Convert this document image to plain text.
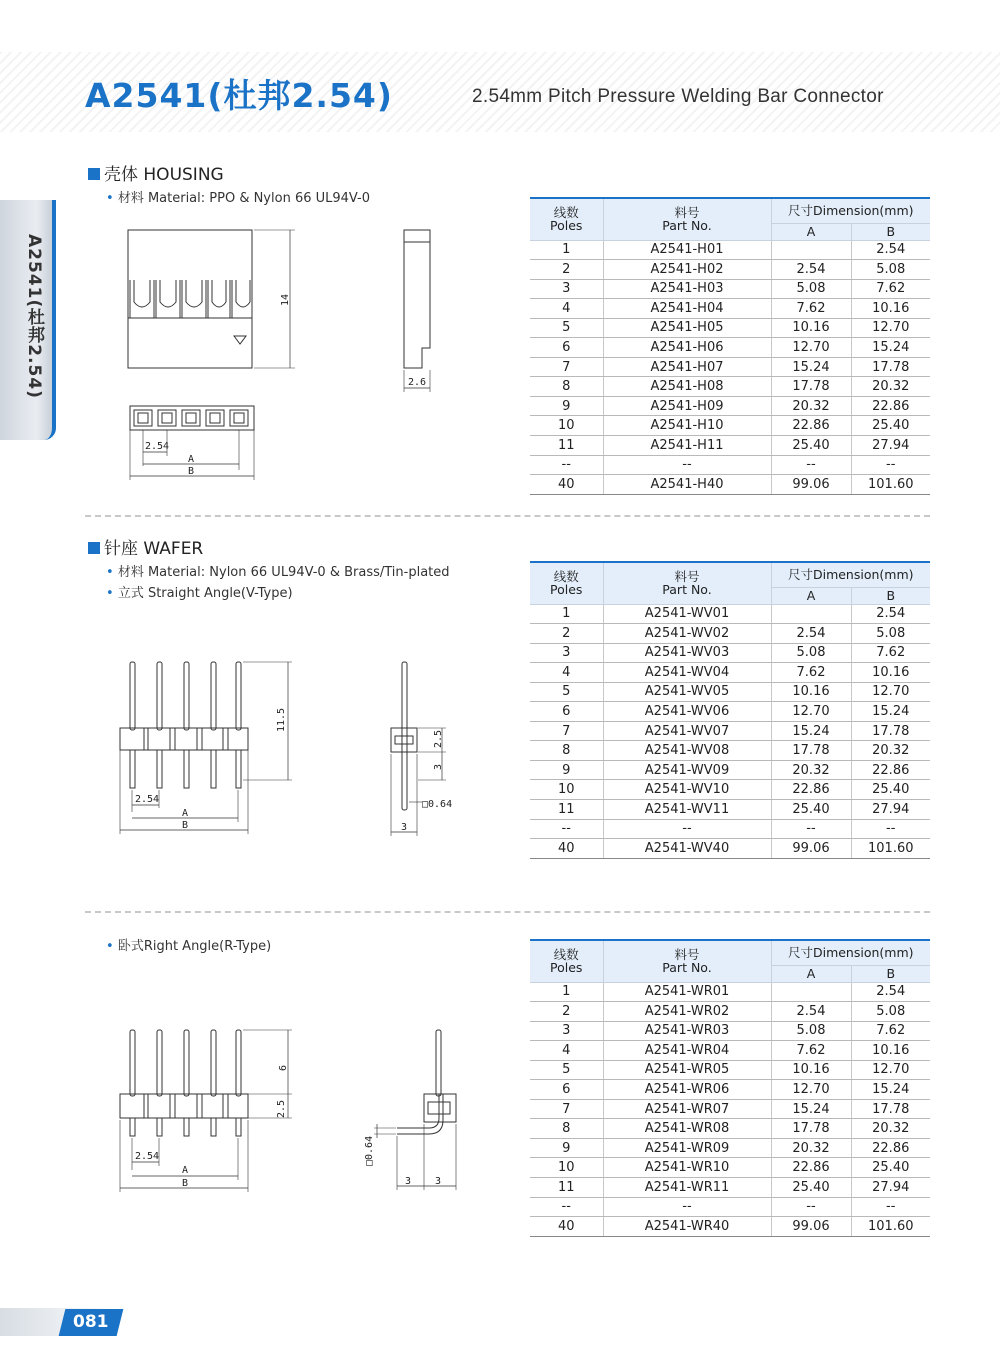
A2541(杜邦2.54)	2.54mm Pitch Pressure Welding Bar Connector
A2541(杜邦2.54)
壳体 HOUSING
• 材料 Material: PPO & Nylon 66 UL94V-0
14
2.6
2.54
A
B
线数
Poles	料号
Part No.	尺寸Dimension(mm)	
		A	B
1	A2541-H01		2.54
2	A2541-H02	2.54	5.08
3	A2541-H03	5.08	7.62
4	A2541-H04	7.62	10.16
5	A2541-H05	10.16	12.70
6	A2541-H06	12.70	15.24
7	A2541-H07	15.24	17.78
8	A2541-H08	17.78	20.32
9	A2541-H09	20.32	22.86
10	A2541-H10	22.86	25.40
11	A2541-H11	25.40	27.94
--	--	--	--
40	A2541-H40	99.06	101.60
针座 WAFER
• 材料 Material: Nylon 66 UL94V-0 & Brass/Tin-plated
• 立式 Straight Angle(V-Type)
11.5
2.5
3
□0.64
3
2.54
A
B
线数
Poles	料号
Part No.	尺寸Dimension(mm)	
		A	B
1	A2541-WV01		2.54
2	A2541-WV02	2.54	5.08
3	A2541-WV03	5.08	7.62
4	A2541-WV04	7.62	10.16
5	A2541-WV05	10.16	12.70
6	A2541-WV06	12.70	15.24
7	A2541-WV07	15.24	17.78
8	A2541-WV08	17.78	20.32
9	A2541-WV09	20.32	22.86
10	A2541-WV10	22.86	25.40
11	A2541-WV11	25.40	27.94
--	--	--	--
40	A2541-WV40	99.06	101.60
• 卧式Right Angle(R-Type)
6
2.5
□0.64
3 3
2.54
A
B
线数
Poles	料号
Part No.	尺寸Dimension(mm)	
		A	B
1	A2541-WR01		2.54
2	A2541-WR02	2.54	5.08
3	A2541-WR03	5.08	7.62
4	A2541-WR04	7.62	10.16
5	A2541-WR05	10.16	12.70
6	A2541-WR06	12.70	15.24
7	A2541-WR07	15.24	17.78
8	A2541-WR08	17.78	20.32
9	A2541-WR09	20.32	22.86
10	A2541-WR10	22.86	25.40
11	A2541-WR11	25.40	27.94
--	--	--	--
40	A2541-WR40	99.06	101.60
081
